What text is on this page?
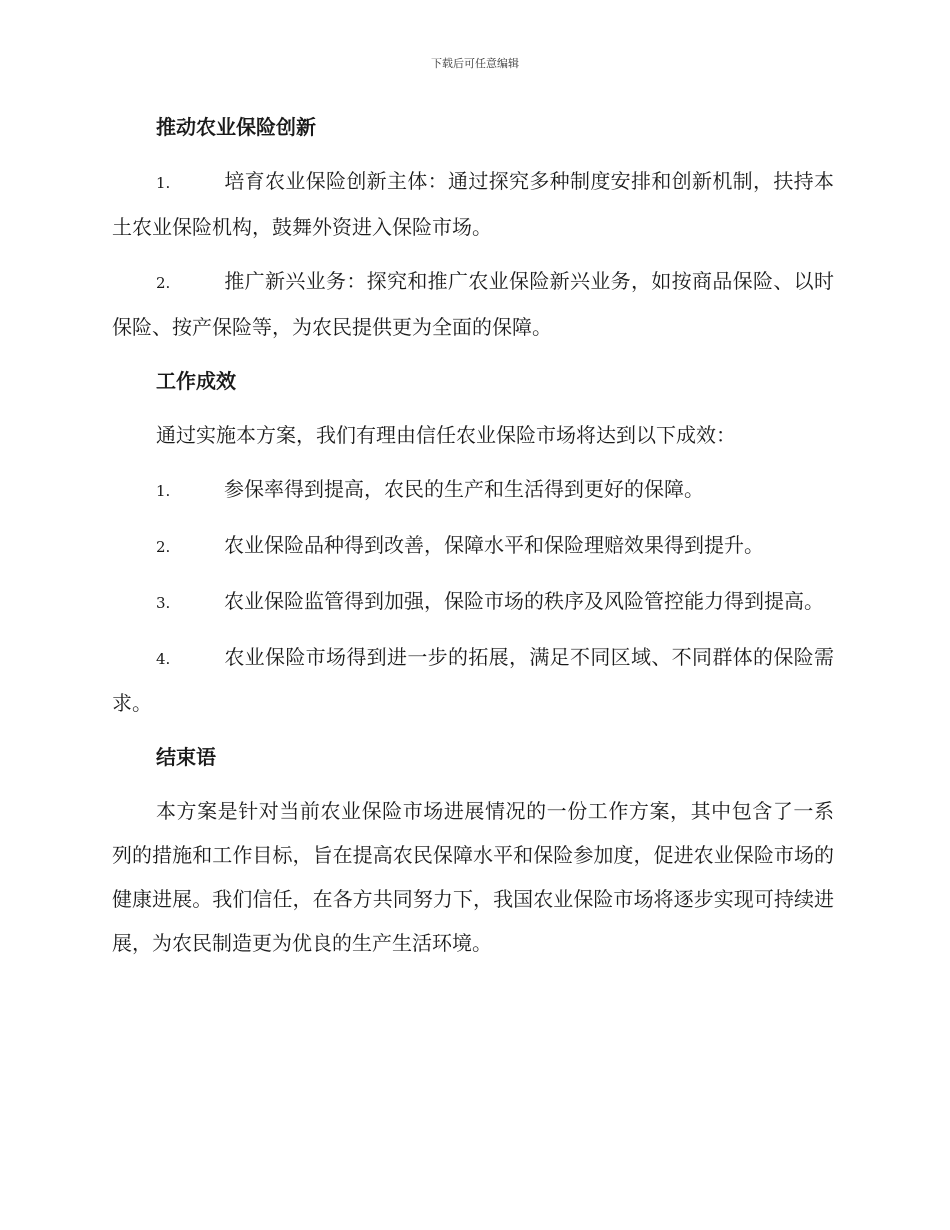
下载后可任意编辑
推动农业保险创新

1.	培育农业保险创新主体：通过探究多种制度安排和创新机制，扶持本土农业保险机构，鼓舞外资进入保险市场。

2.	推广新兴业务：探究和推广农业保险新兴业务，如按商品保险、以时保险、按产保险等，为农民提供更为全面的保障。

工作成效

通过实施本方案，我们有理由信任农业保险市场将达到以下成效：

1.	参保率得到提高，农民的生产和生活得到更好的保障。

2.	农业保险品种得到改善，保障水平和保险理赔效果得到提升。

3.	农业保险监管得到加强，保险市场的秩序及风险管控能力得到提高。

4.	农业保险市场得到进一步的拓展，满足不同区域、不同群体的保险需求。

结束语

本方案是针对当前农业保险市场进展情况的一份工作方案，其中包含了一系列的措施和工作目标，旨在提高农民保障水平和保险参加度，促进农业保险市场的健康进展。我们信任，在各方共同努力下，我国农业保险市场将逐步实现可持续进展，为农民制造更为优良的生产生活环境。
